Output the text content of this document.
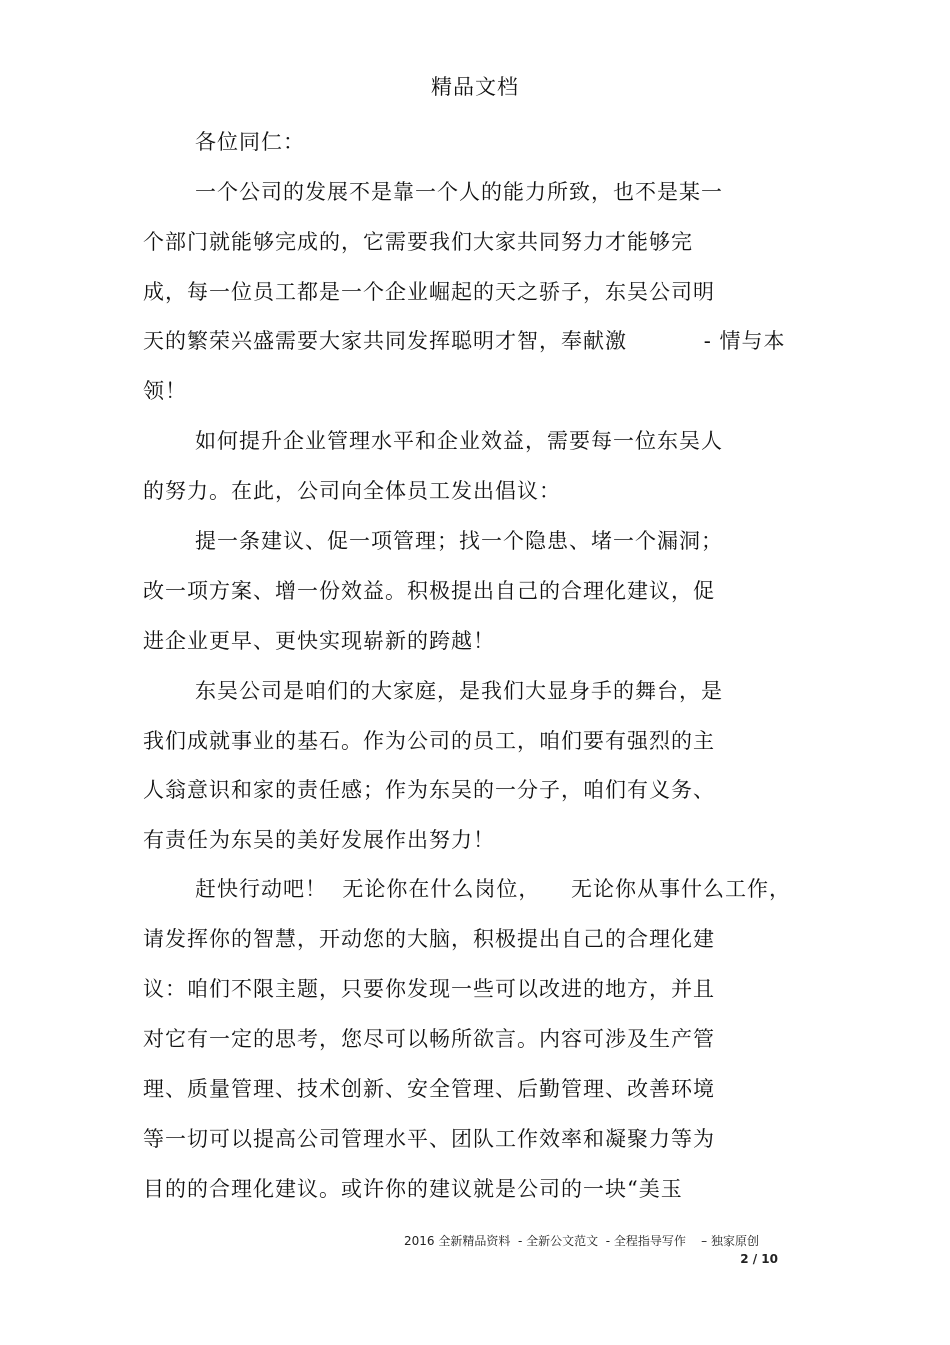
精品文档
各位同仁：
一个公司的发展不是靠一个人的能力所致，也不是某一
个部门就能够完成的，它需要我们大家共同努力才能够完
成，每一位员工都是一个企业崛起的天之骄子，东吴公司明
天的繁荣兴盛需要大家共同发挥聪明才智，奉献激          - 情与本
领！
如何提升企业管理水平和企业效益，需要每一位东吴人
的努力。在此，公司向全体员工发出倡议：
提一条建议、促一项管理；找一个隐患、堵一个漏洞；
改一项方案、增一份效益。积极提出自己的合理化建议，促
进企业更早、更快实现崭新的跨越！
东吴公司是咱们的大家庭，是我们大显身手的舞台，是
我们成就事业的基石。作为公司的员工，咱们要有强烈的主
人翁意识和家的责任感；作为东吴的一分子，咱们有义务、
有责任为东吴的美好发展作出努力！
赶快行动吧！  无论你在什么岗位，    无论你从事什么工作，
请发挥你的智慧，开动您的大脑，积极提出自己的合理化建
议：咱们不限主题，只要你发现一些可以改进的地方，并且
对它有一定的思考，您尽可以畅所欲言。内容可涉及生产管
理、质量管理、技术创新、安全管理、后勤管理、改善环境
等一切可以提高公司管理水平、团队工作效率和凝聚力等为
目的的合理化建议。或许你的建议就是公司的一块“美玉
2016 全新精品资料  - 全新公文范文  - 全程指导写作    – 独家原创
2 / 10
